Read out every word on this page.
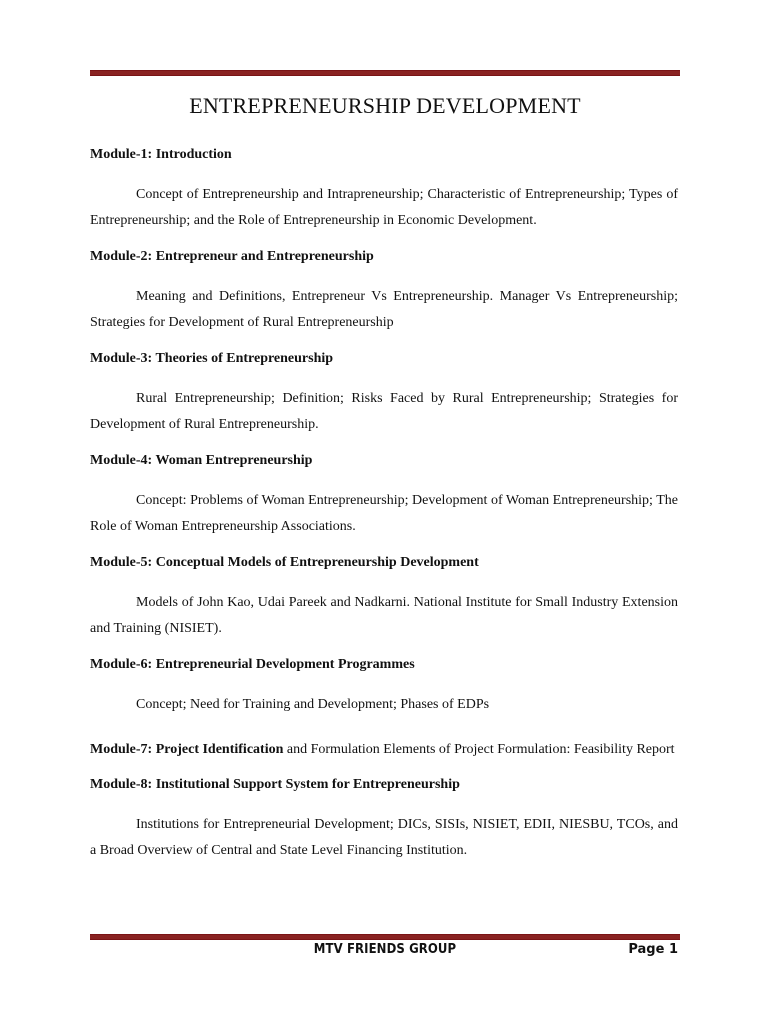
ENTREPRENEURSHIP DEVELOPMENT
Module-1: Introduction

Concept of Entrepreneurship and Intrapreneurship; Characteristic of Entrepreneurship; Types of Entrepreneurship; and the Role of Entrepreneurship in Economic Development.

Module-2: Entrepreneur and Entrepreneurship

Meaning and Definitions, Entrepreneur Vs Entrepreneurship. Manager Vs Entrepreneurship; Strategies for Development of Rural Entrepreneurship

Module-3: Theories of Entrepreneurship

Rural Entrepreneurship; Definition; Risks Faced by Rural Entrepreneurship; Strategies for Development of Rural Entrepreneurship.

Module-4: Woman Entrepreneurship

Concept: Problems of Woman Entrepreneurship; Development of Woman Entrepreneurship; The Role of Woman Entrepreneurship Associations.

Module-5: Conceptual Models of Entrepreneurship Development

Models of John Kao, Udai Pareek and Nadkarni. National Institute for Small Industry Extension and Training (NISIET).

Module-6: Entrepreneurial Development Programmes

Concept; Need for Training and Development; Phases of EDPs

Module-7: Project Identification and Formulation Elements of Project Formulation: Feasibility Report
Module-8: Institutional Support System for Entrepreneurship

Institutions for Entrepreneurial Development; DICs, SISIs, NISIET, EDII, NIESBU, TCOs, and a Broad Overview of Central and State Level Financing Institution.

MTV FRIENDS GROUP	Page 1
